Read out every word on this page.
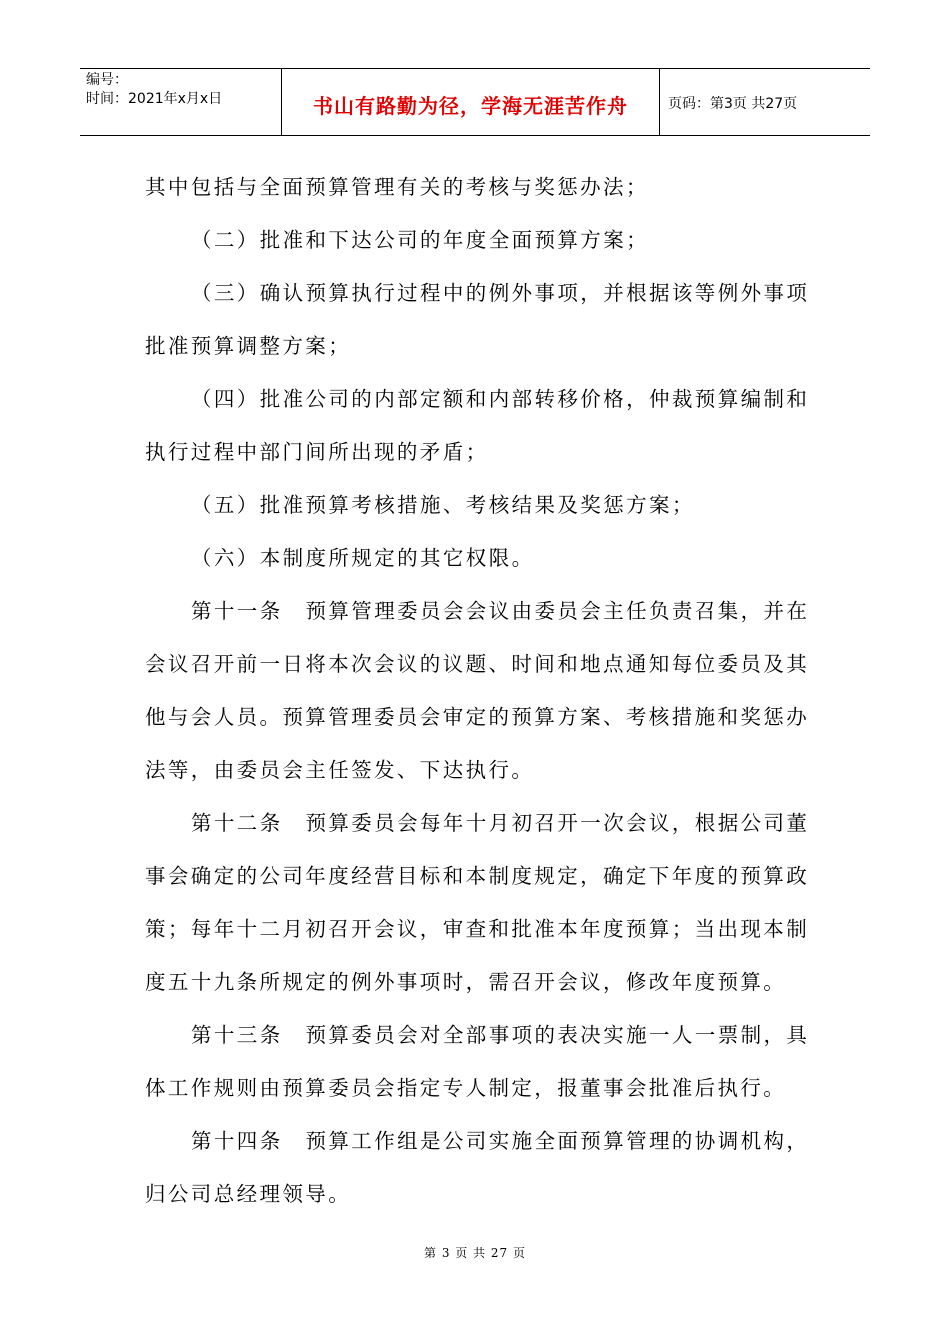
编号：
时间：2021年x月x日	书山有路勤为径，学海无涯苦作舟	页码：第3页 共27页

其中包括与全面预算管理有关的考核与奖惩办法；

（二）批准和下达公司的年度全面预算方案；

（三）确认预算执行过程中的例外事项，并根据该等例外事项批准预算调整方案；

（四）批准公司的内部定额和内部转移价格，仲裁预算编制和执行过程中部门间所出现的矛盾；

（五）批准预算考核措施、考核结果及奖惩方案；

（六）本制度所规定的其它权限。

第十一条　预算管理委员会会议由委员会主任负责召集，并在会议召开前一日将本次会议的议题、时间和地点通知每位委员及其他与会人员。预算管理委员会审定的预算方案、考核措施和奖惩办法等，由委员会主任签发、下达执行。

第十二条　预算委员会每年十月初召开一次会议，根据公司董事会确定的公司年度经营目标和本制度规定，确定下年度的预算政策；每年十二月初召开会议，审查和批准本年度预算；当出现本制度五十九条所规定的例外事项时，需召开会议，修改年度预算。

第十三条　预算委员会对全部事项的表决实施一人一票制，具体工作规则由预算委员会指定专人制定，报董事会批准后执行。

第十四条　预算工作组是公司实施全面预算管理的协调机构，归公司总经理领导。

第 3 页 共 27 页
